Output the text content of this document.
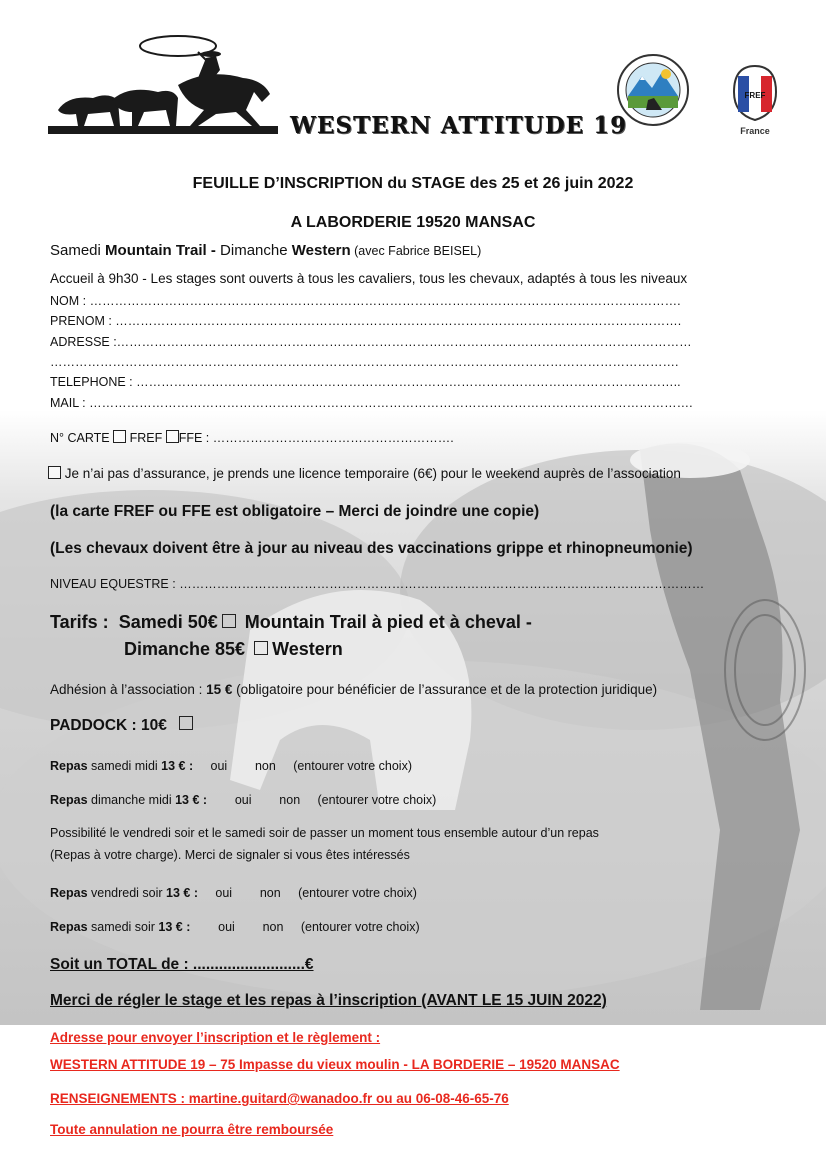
WESTERN ATTITUDE 19
FREF
France
FEUILLE D’INSCRIPTION du STAGE des 25 et 26 juin 2022
A LABORDERIE 19520 MANSAC
Samedi Mountain Trail - Dimanche Western (avec Fabrice BEISEL)
Accueil à 9h30 - Les stages sont ouverts à tous les cavaliers, tous les chevaux, adaptés à tous les niveaux
NOM : …………………………………………………………………………………………………………………………….
PRENOM : ……………………………………………………………………………………………………………………….
ADRESSE :…………………………………………………………………………………………………………………………
…………………………………………………………………………………………………………………………………….
TELEPHONE : …………………………………………………………………………………………………………………..
MAIL : ……………………………………………………………………………………………………………………………….
N° CARTE  FREF FFE : ………………………………………………….
Je n’ai pas d’assurance, je prends une licence temporaire (6€) pour le weekend auprès de l’association
(la carte FREF ou FFE est obligatoire – Merci de joindre une copie)
(Les chevaux doivent être à jour au niveau des vaccinations grippe et rhinopneumonie)
NIVEAU EQUESTRE : ………………………………………………………………………………………………………………
Tarifs : Samedi 50€ Mountain Trail à pied et à cheval -
Dimanche 85€ Western
Adhésion à l’association : 15 € (obligatoire pour bénéficier de l’assurance et de la protection juridique)
PADDOCK : 10€
Repas samedi midi 13 € :     oui        non     (entourer votre choix)
Repas dimanche midi 13 € :        oui        non     (entourer votre choix)
Possibilité le vendredi soir et le samedi soir de passer un moment tous ensemble autour d’un repas
(Repas à votre charge). Merci de signaler si vous êtes intéressés
Repas vendredi soir 13 € :     oui        non     (entourer votre choix)
Repas samedi soir 13 € :        oui        non     (entourer votre choix)
Soit un TOTAL de : ..........................€
Merci de régler le stage et les repas à l’inscription (AVANT LE 15 JUIN 2022)
Adresse pour envoyer l’inscription et le règlement :
WESTERN ATTITUDE 19 – 75 Impasse du vieux moulin - LA BORDERIE – 19520 MANSAC
RENSEIGNEMENTS : martine.guitard@wanadoo.fr ou au 06-08-46-65-76
Toute annulation ne pourra être remboursée
